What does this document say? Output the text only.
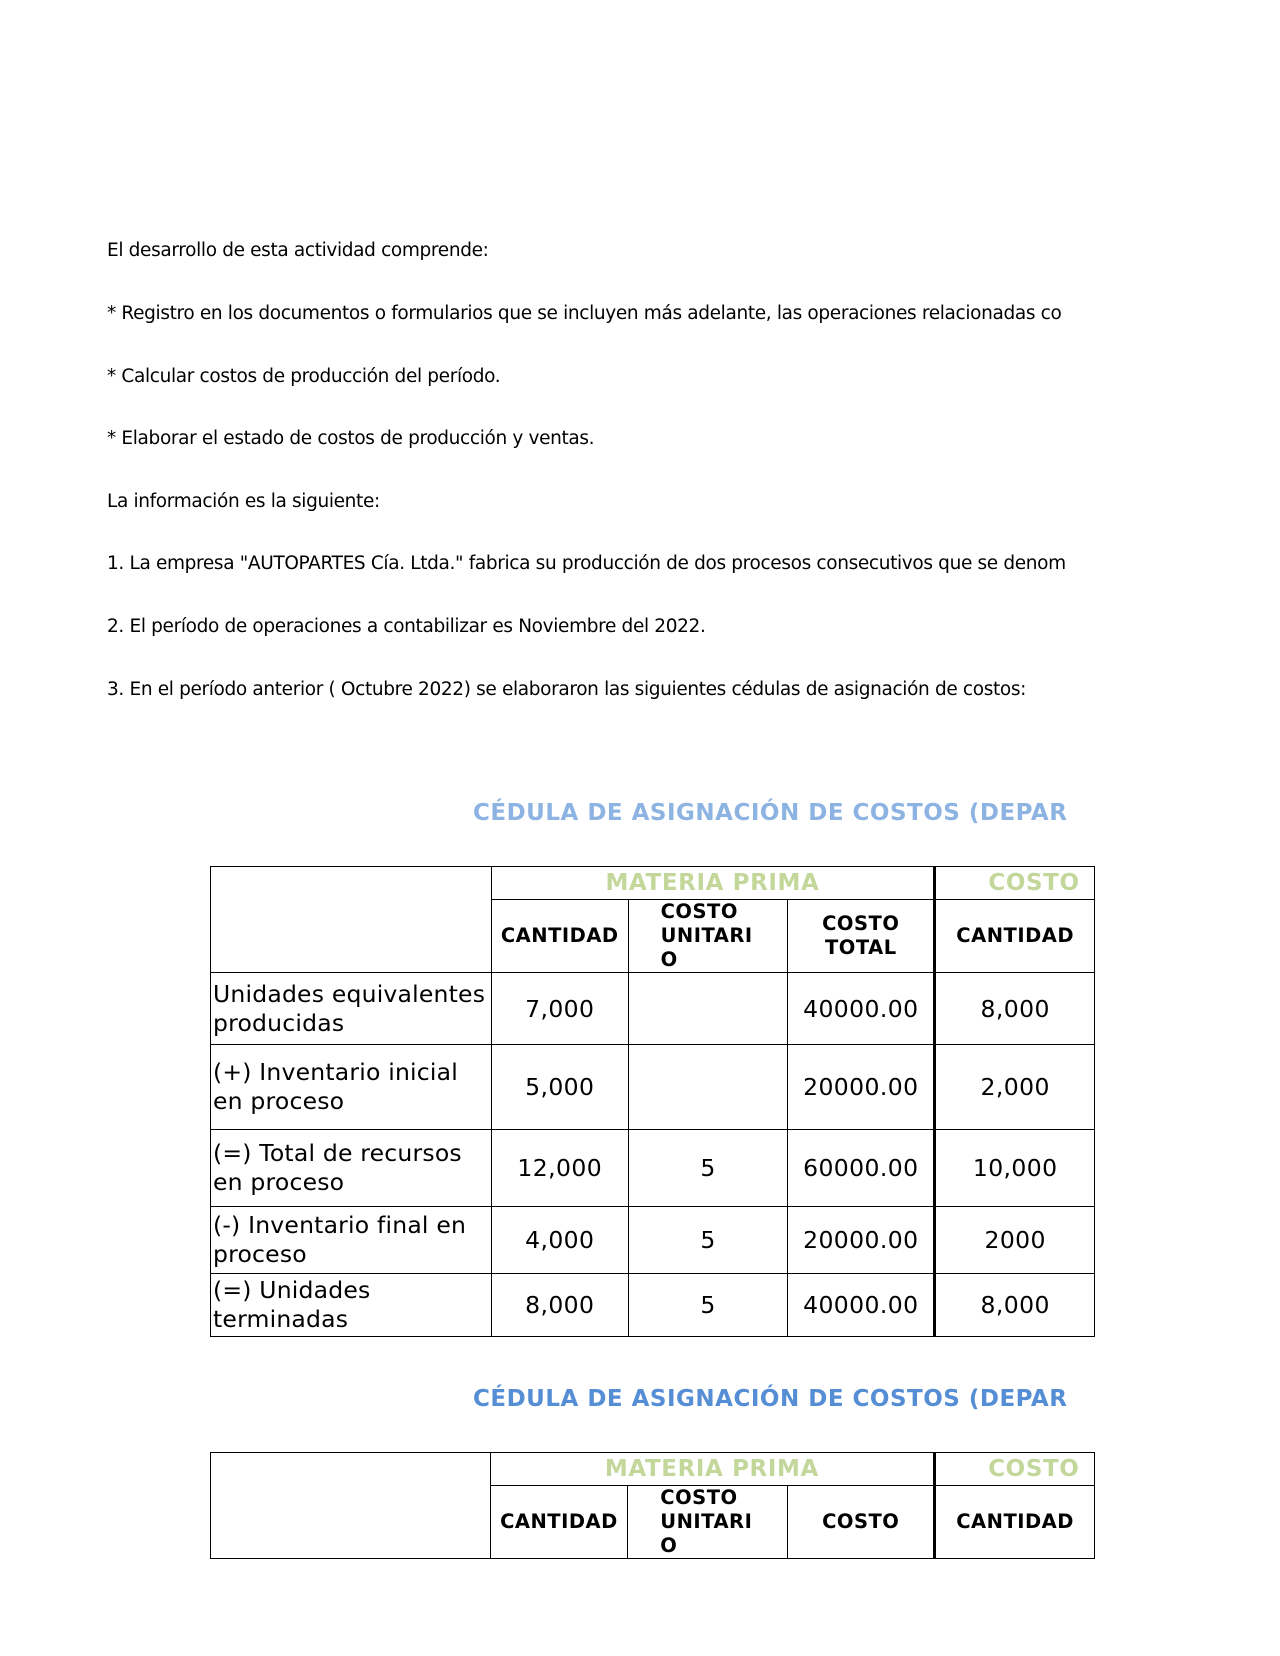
El desarrollo de esta actividad comprende:
* Registro en los documentos o formularios que se incluyen más adelante, las operaciones relacionadas co
* Calcular costos de producción del período.
* Elaborar el estado de costos de producción y ventas.
La información es la siguiente:
1. La empresa "AUTOPARTES Cía. Ltda." fabrica su producción de dos procesos consecutivos que se denom
2. El período de operaciones a contabilizar es Noviembre del 2022.
3. En el período anterior ( Octubre 2022) se elaboraron las siguientes cédulas de asignación de costos:
CÉDULA DE ASIGNACIÓN DE COSTOS (DEPAR
	MATERIA PRIMA			COSTO
	CANTIDAD	COSTO UNITARIO	COSTO TOTAL	CANTIDAD

Unidades equivalentes producidas	7,000		40000.00	8,000
(+) Inventario inicial en proceso	5,000		20000.00	2,000
(=) Total de recursos en proceso	12,000	5	60000.00	10,000
(-) Inventario final en proceso	4,000	5	20000.00	2000
(=) Unidades terminadas	8,000	5	40000.00	8,000
CÉDULA DE ASIGNACIÓN DE COSTOS (DEPAR
	MATERIA PRIMA			COSTO
	CANTIDAD	COSTO UNITARIO	COSTO	CANTIDAD
